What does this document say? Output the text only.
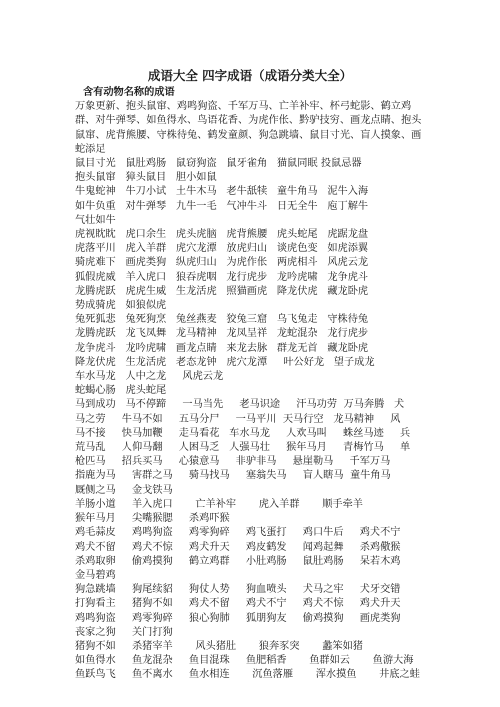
成语大全 四字成语（成语分类大全）
含有动物名称的成语
万象更新、抱头鼠窜、鸡鸣狗盗、千军万马、亡羊补牢、杯弓蛇影、鹤立鸡
群、对牛弹琴、如鱼得水、鸟语花香、为虎作伥、黔驴技穷、画龙点睛、抱头
鼠窜、虎背熊腰、守株待兔、鹤发童颜、狗急跳墙、鼠目寸光、盲人摸象、画
蛇添足
鼠目寸光   鼠肚鸡肠   鼠窃狗盗   鼠牙雀角   猫鼠同眠 投鼠忌器
抱头鼠窜   獐头鼠目   胆小如鼠
牛鬼蛇神   牛刀小试   土牛木马   老牛舐犊   童牛角马   泥牛入海
如牛负重   对牛弹琴   九牛一毛   气冲牛斗   日无全牛   庖丁解牛
气壮如牛
虎视眈眈   虎口余生   虎头虎脑   虎背熊腰   虎头蛇尾   虎踞龙盘
虎落平川   虎入羊群   虎穴龙潭   放虎归山   谈虎色变   如虎添翼
骑虎难下   画虎类狗   纵虎归山   为虎作伥   两虎相斗   风虎云龙
狐假虎威   羊入虎口   狼吞虎咽   龙行虎步   龙吟虎啸   龙争虎斗
龙腾虎跃   虎虎生威   生龙活虎   照猫画虎   降龙伏虎   藏龙卧虎
势成骑虎   如狼似虎
兔死狐悲   兔死狗烹   兔丝燕麦   狡兔三窟   乌飞兔走   守株待兔
龙腾虎跃   龙飞凤舞   龙马精神   龙凤呈祥   龙蛇混杂   龙行虎步
龙争虎斗   龙吟虎啸   画龙点睛   来龙去脉   群龙无首   藏龙卧虎
降龙伏虎   生龙活虎   老态龙钟   虎穴龙潭     叶公好龙   望子成龙
车水马龙   人中之龙     风虎云龙
蛇蝎心肠   虎头蛇尾
马到成功   马不停蹄     一马当先     老马识途     汗马功劳  万马奔腾   犬
马之劳     牛马不如     五马分尸     一马平川  天马行空   龙马精神     风
马不接     快马加鞭     走马看花   车水马龙     人欢马叫     蛛丝马迹     兵
荒马乱     人仰马翻     人困马乏   人强马壮     猴年马月     青梅竹马     单
枪匹马     招兵买马     心猿意马     非驴非马     悬崖勒马     千军万马
指鹿为马     害群之马     骑马找马     塞翁失马     盲人瞎马  童牛角马
厩侧之马     金戈铁马
羊肠小道     羊入虎口       亡羊补牢       虎入羊群       顺手牵羊
猴年马月     尖嘴猴腮     杀鸡吓猴
鸡毛蒜皮     鸡鸣狗盗     鸡零狗碎     鸡飞蛋打     鸡口牛后     鸡犬不宁
鸡犬不留     鸡犬不惊     鸡犬升天     鸡皮鹤发     闻鸡起舞     杀鸡儆猴
杀鸡取卵     偷鸡摸狗     鹤立鸡群     小肚鸡肠     鼠肚鸡肠     呆若木鸡
金马碧鸡
狗急跳墙     狗尾续貂     狗仗人势     狗血喷头     犬马之牢     犬牙交错
打狗看主     猪狗不如     鸡犬不留     鸡犬不宁     鸡犬不惊     鸡犬升天
鸡鸣狗盗     鸡零狗碎     狼心狗肺     狐朋狗友     偷鸡摸狗     画虎类狗
丧家之狗     关门打狗
猪狗不如     杀猪宰羊       风头猪肚       狼奔豕突       蠡笨如猪
如鱼得水     鱼龙混杂     鱼目混珠     鱼肥稻香       鱼群如云       鱼游大海
鱼跃鸟飞     鱼不离水     鱼水相连       沉鱼落雁       浑水摸鱼       井底之蛙
